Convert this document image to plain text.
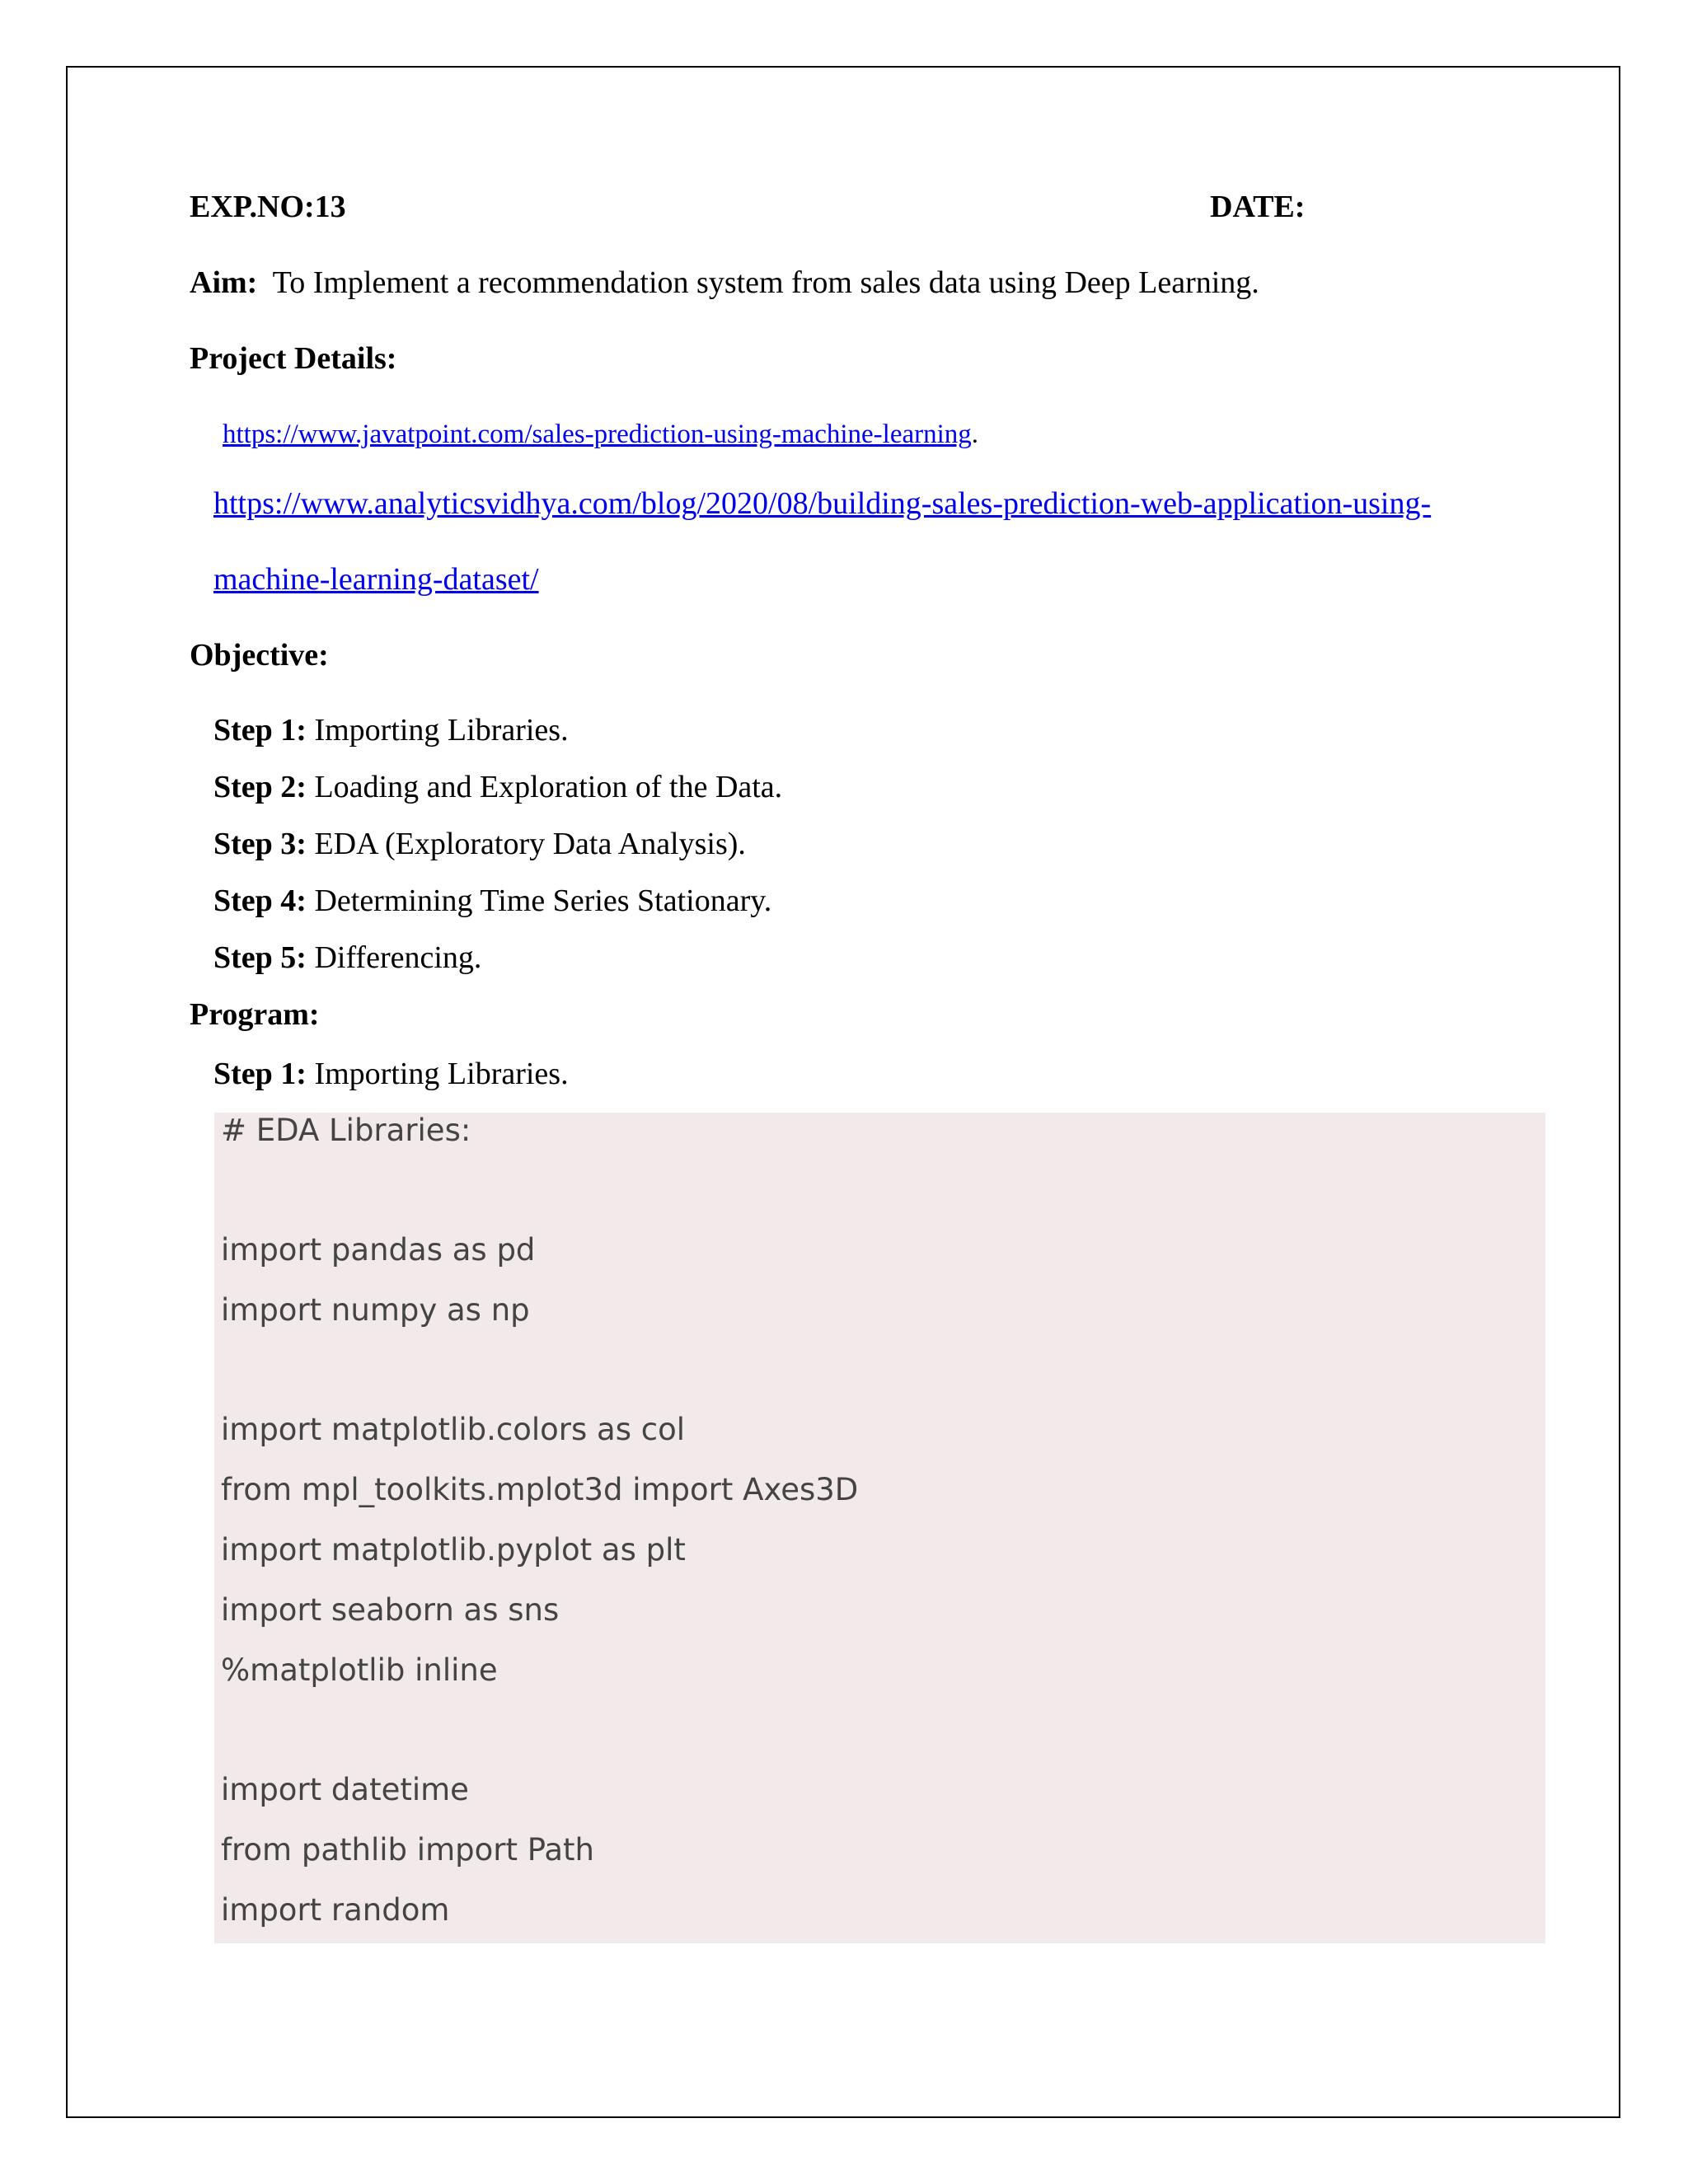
EXP.NO:13	DATE:
Aim: To Implement a recommendation system from sales data using Deep Learning.
Project Details:
https://www.javatpoint.com/sales-prediction-using-machine-learning.
https://www.analyticsvidhya.com/blog/2020/08/building-sales-prediction-web-application-using-
machine-learning-dataset/
Objective:
Step 1: Importing Libraries.
Step 2: Loading and Exploration of the Data.
Step 3: EDA (Exploratory Data Analysis).
Step 4: Determining Time Series Stationary.
Step 5: Differencing.
Program:
Step 1: Importing Libraries.
# EDA Libraries:
import pandas as pd
import numpy as np
import matplotlib.colors as col
from mpl_toolkits.mplot3d import Axes3D
import matplotlib.pyplot as plt
import seaborn as sns
%matplotlib inline
import datetime
from pathlib import Path
import random
